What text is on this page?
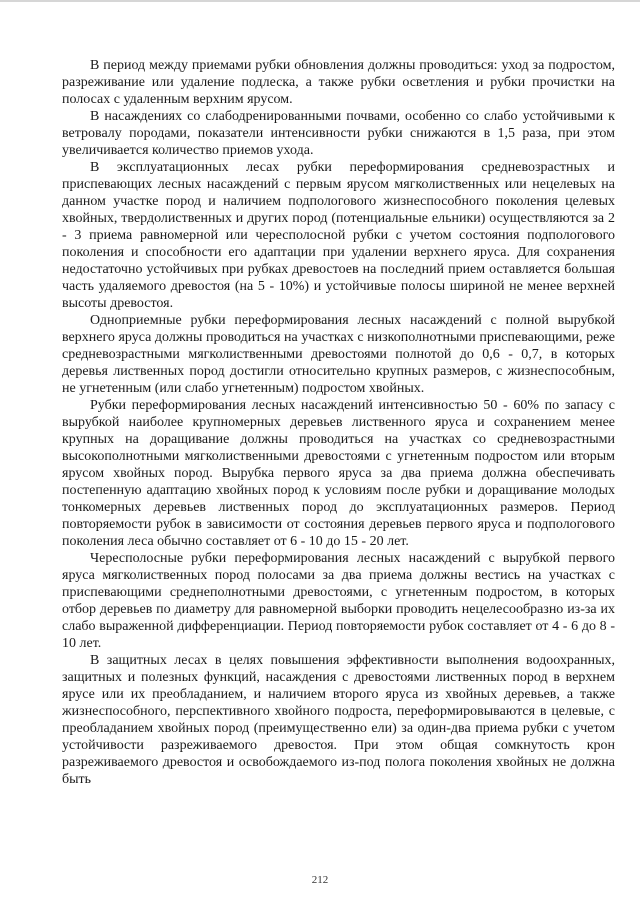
В период между приемами рубки обновления должны проводиться: уход за подростом, разреживание или удаление подлеска, а также рубки осветления и рубки прочистки на полосах с удаленным верхним ярусом.

В насаждениях со слабодренированными почвами, особенно со слабо устойчивыми к ветровалу породами, показатели интенсивности рубки снижаются в 1,5 раза, при этом увеличивается количество приемов ухода.

В эксплуатационных лесах рубки переформирования средневозрастных и приспевающих лесных насаждений с первым ярусом мягколиственных или нецелевых на данном участке пород и наличием подпологового жизнеспособного поколения целевых хвойных, твердолиственных и других пород (потенциальные ельники) осуществляются за 2 - 3 приема равномерной или чересполосной рубки с учетом состояния подпологового поколения и способности его адаптации при удалении верхнего яруса. Для сохранения недостаточно устойчивых при рубках древостоев на последний прием оставляется большая часть удаляемого древостоя (на 5 - 10%) и устойчивые полосы шириной не менее верхней высоты древостоя.

Одноприемные рубки переформирования лесных насаждений с полной вырубкой верхнего яруса должны проводиться на участках с низкополнотными приспевающими, реже средневозрастными мягколиственными древостоями полнотой до 0,6 - 0,7, в которых деревья лиственных пород достигли относительно крупных размеров, с жизнеспособным, не угнетенным (или слабо угнетенным) подростом хвойных.

Рубки переформирования лесных насаждений интенсивностью 50 - 60% по запасу с вырубкой наиболее крупномерных деревьев лиственного яруса и сохранением менее крупных на доращивание должны проводиться на участках со средневозрастными высокополнотными мягколиственными древостоями с угнетенным подростом или вторым ярусом хвойных пород. Вырубка первого яруса за два приема должна обеспечивать постепенную адаптацию хвойных пород к условиям после рубки и доращивание молодых тонкомерных деревьев лиственных пород до эксплуатационных размеров. Период повторяемости рубок в зависимости от состояния деревьев первого яруса и подпологового поколения леса обычно составляет от 6 - 10 до 15 - 20 лет.

Чересполосные рубки переформирования лесных насаждений с вырубкой первого яруса мягколиственных пород полосами за два приема должны вестись на участках с приспевающими среднеполнотными древостоями, с угнетенным подростом, в которых отбор деревьев по диаметру для равномерной выборки проводить нецелесообразно из-за их слабо выраженной дифференциации. Период повторяемости рубок составляет от 4 - 6 до 8 - 10 лет.

В защитных лесах в целях повышения эффективности выполнения водоохранных, защитных и полезных функций, насаждения с древостоями лиственных пород в верхнем ярусе или их преобладанием, и наличием второго яруса из хвойных деревьев, а также жизнеспособного, перспективного хвойного подроста, переформировываются в целевые, с преобладанием хвойных пород (преимущественно ели) за один-два приема рубки с учетом устойчивости разреживаемого древостоя. При этом общая сомкнутость крон разреживаемого древостоя и освобождаемого из-под полога поколения хвойных не должна быть

212
